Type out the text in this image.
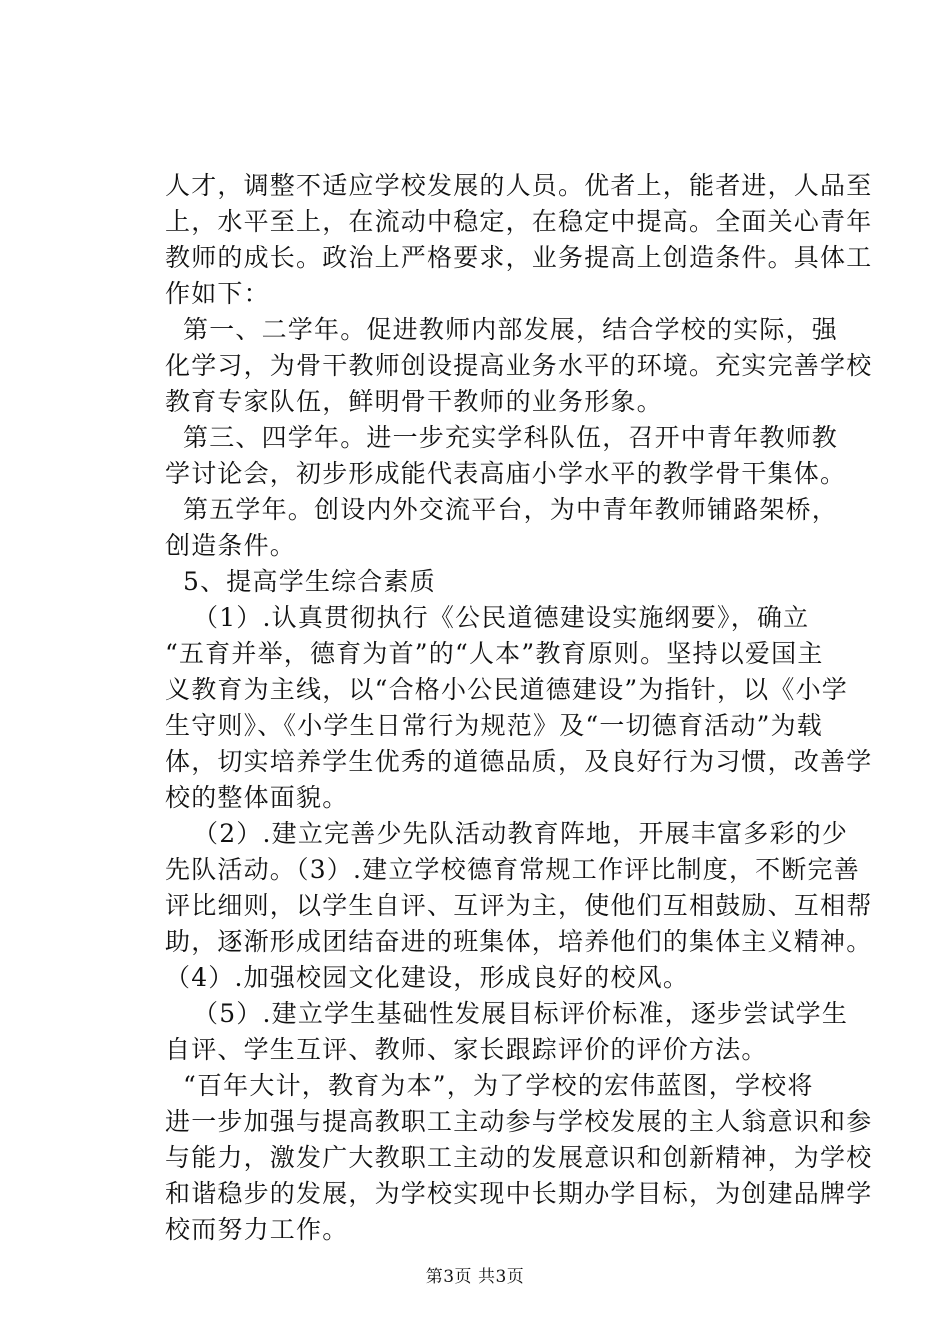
人才，调整不适应学校发展的人员。优者上，能者进，人品至

上，水平至上，在流动中稳定，在稳定中提高。全面关心青年

教师的成长。政治上严格要求，业务提高上创造条件。具体工

作如下：

第一、二学年。促进教师内部发展，结合学校的实际，强

化学习，为骨干教师创设提高业务水平的环境。充实完善学校

教育专家队伍，鲜明骨干教师的业务形象。

第三、四学年。进一步充实学科队伍，召开中青年教师教

学讨论会，初步形成能代表高庙小学水平的教学骨干集体。

第五学年。创设内外交流平台，为中青年教师铺路架桥，

创造条件。

5、提高学生综合素质

（1）.认真贯彻执行《公民道德建设实施纲要》，确立

“五育并举，德育为首”的“人本”教育原则。坚持以爱国主

义教育为主线，以“合格小公民道德建设”为指针，以《小学

生守则》、《小学生日常行为规范》及“一切德育活动”为载

体，切实培养学生优秀的道德品质，及良好行为习惯，改善学

校的整体面貌。

（2）.建立完善少先队活动教育阵地，开展丰富多彩的少

先队活动。（3）.建立学校德育常规工作评比制度，不断完善

评比细则，以学生自评、互评为主，使他们互相鼓励、互相帮

助，逐渐形成团结奋进的班集体，培养他们的集体主义精神。

（4）.加强校园文化建设，形成良好的校风。

（5）.建立学生基础性发展目标评价标准，逐步尝试学生

自评、学生互评、教师、家长跟踪评价的评价方法。

“百年大计，教育为本”，为了学校的宏伟蓝图，学校将

进一步加强与提高教职工主动参与学校发展的主人翁意识和参

与能力，激发广大教职工主动的发展意识和创新精神，为学校

和谐稳步的发展，为学校实现中长期办学目标，为创建品牌学

校而努力工作。

第3页 共3页
